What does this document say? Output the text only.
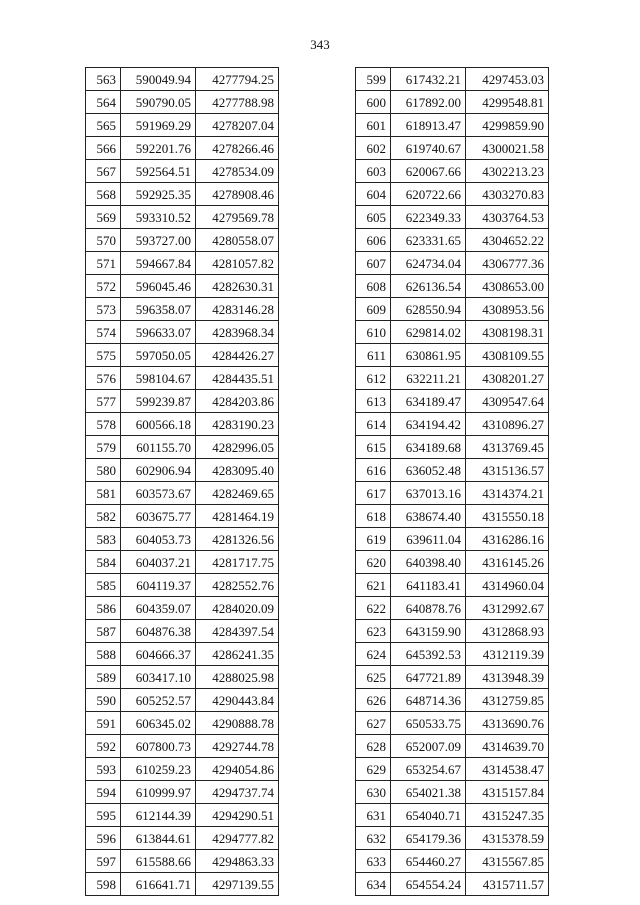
343
563	590049.94	4277794.25
564	590790.05	4277788.98
565	591969.29	4278207.04
566	592201.76	4278266.46
567	592564.51	4278534.09
568	592925.35	4278908.46
569	593310.52	4279569.78
570	593727.00	4280558.07
571	594667.84	4281057.82
572	596045.46	4282630.31
573	596358.07	4283146.28
574	596633.07	4283968.34
575	597050.05	4284426.27
576	598104.67	4284435.51
577	599239.87	4284203.86
578	600566.18	4283190.23
579	601155.70	4282996.05
580	602906.94	4283095.40
581	603573.67	4282469.65
582	603675.77	4281464.19
583	604053.73	4281326.56
584	604037.21	4281717.75
585	604119.37	4282552.76
586	604359.07	4284020.09
587	604876.38	4284397.54
588	604666.37	4286241.35
589	603417.10	4288025.98
590	605252.57	4290443.84
591	606345.02	4290888.78
592	607800.73	4292744.78
593	610259.23	4294054.86
594	610999.97	4294737.74
595	612144.39	4294290.51
596	613844.61	4294777.82
597	615588.66	4294863.33
598	616641.71	4297139.55
599	617432.21	4297453.03
600	617892.00	4299548.81
601	618913.47	4299859.90
602	619740.67	4300021.58
603	620067.66	4302213.23
604	620722.66	4303270.83
605	622349.33	4303764.53
606	623331.65	4304652.22
607	624734.04	4306777.36
608	626136.54	4308653.00
609	628550.94	4308953.56
610	629814.02	4308198.31
611	630861.95	4308109.55
612	632211.21	4308201.27
613	634189.47	4309547.64
614	634194.42	4310896.27
615	634189.68	4313769.45
616	636052.48	4315136.57
617	637013.16	4314374.21
618	638674.40	4315550.18
619	639611.04	4316286.16
620	640398.40	4316145.26
621	641183.41	4314960.04
622	640878.76	4312992.67
623	643159.90	4312868.93
624	645392.53	4312119.39
625	647721.89	4313948.39
626	648714.36	4312759.85
627	650533.75	4313690.76
628	652007.09	4314639.70
629	653254.67	4314538.47
630	654021.38	4315157.84
631	654040.71	4315247.35
632	654179.36	4315378.59
633	654460.27	4315567.85
634	654554.24	4315711.57
